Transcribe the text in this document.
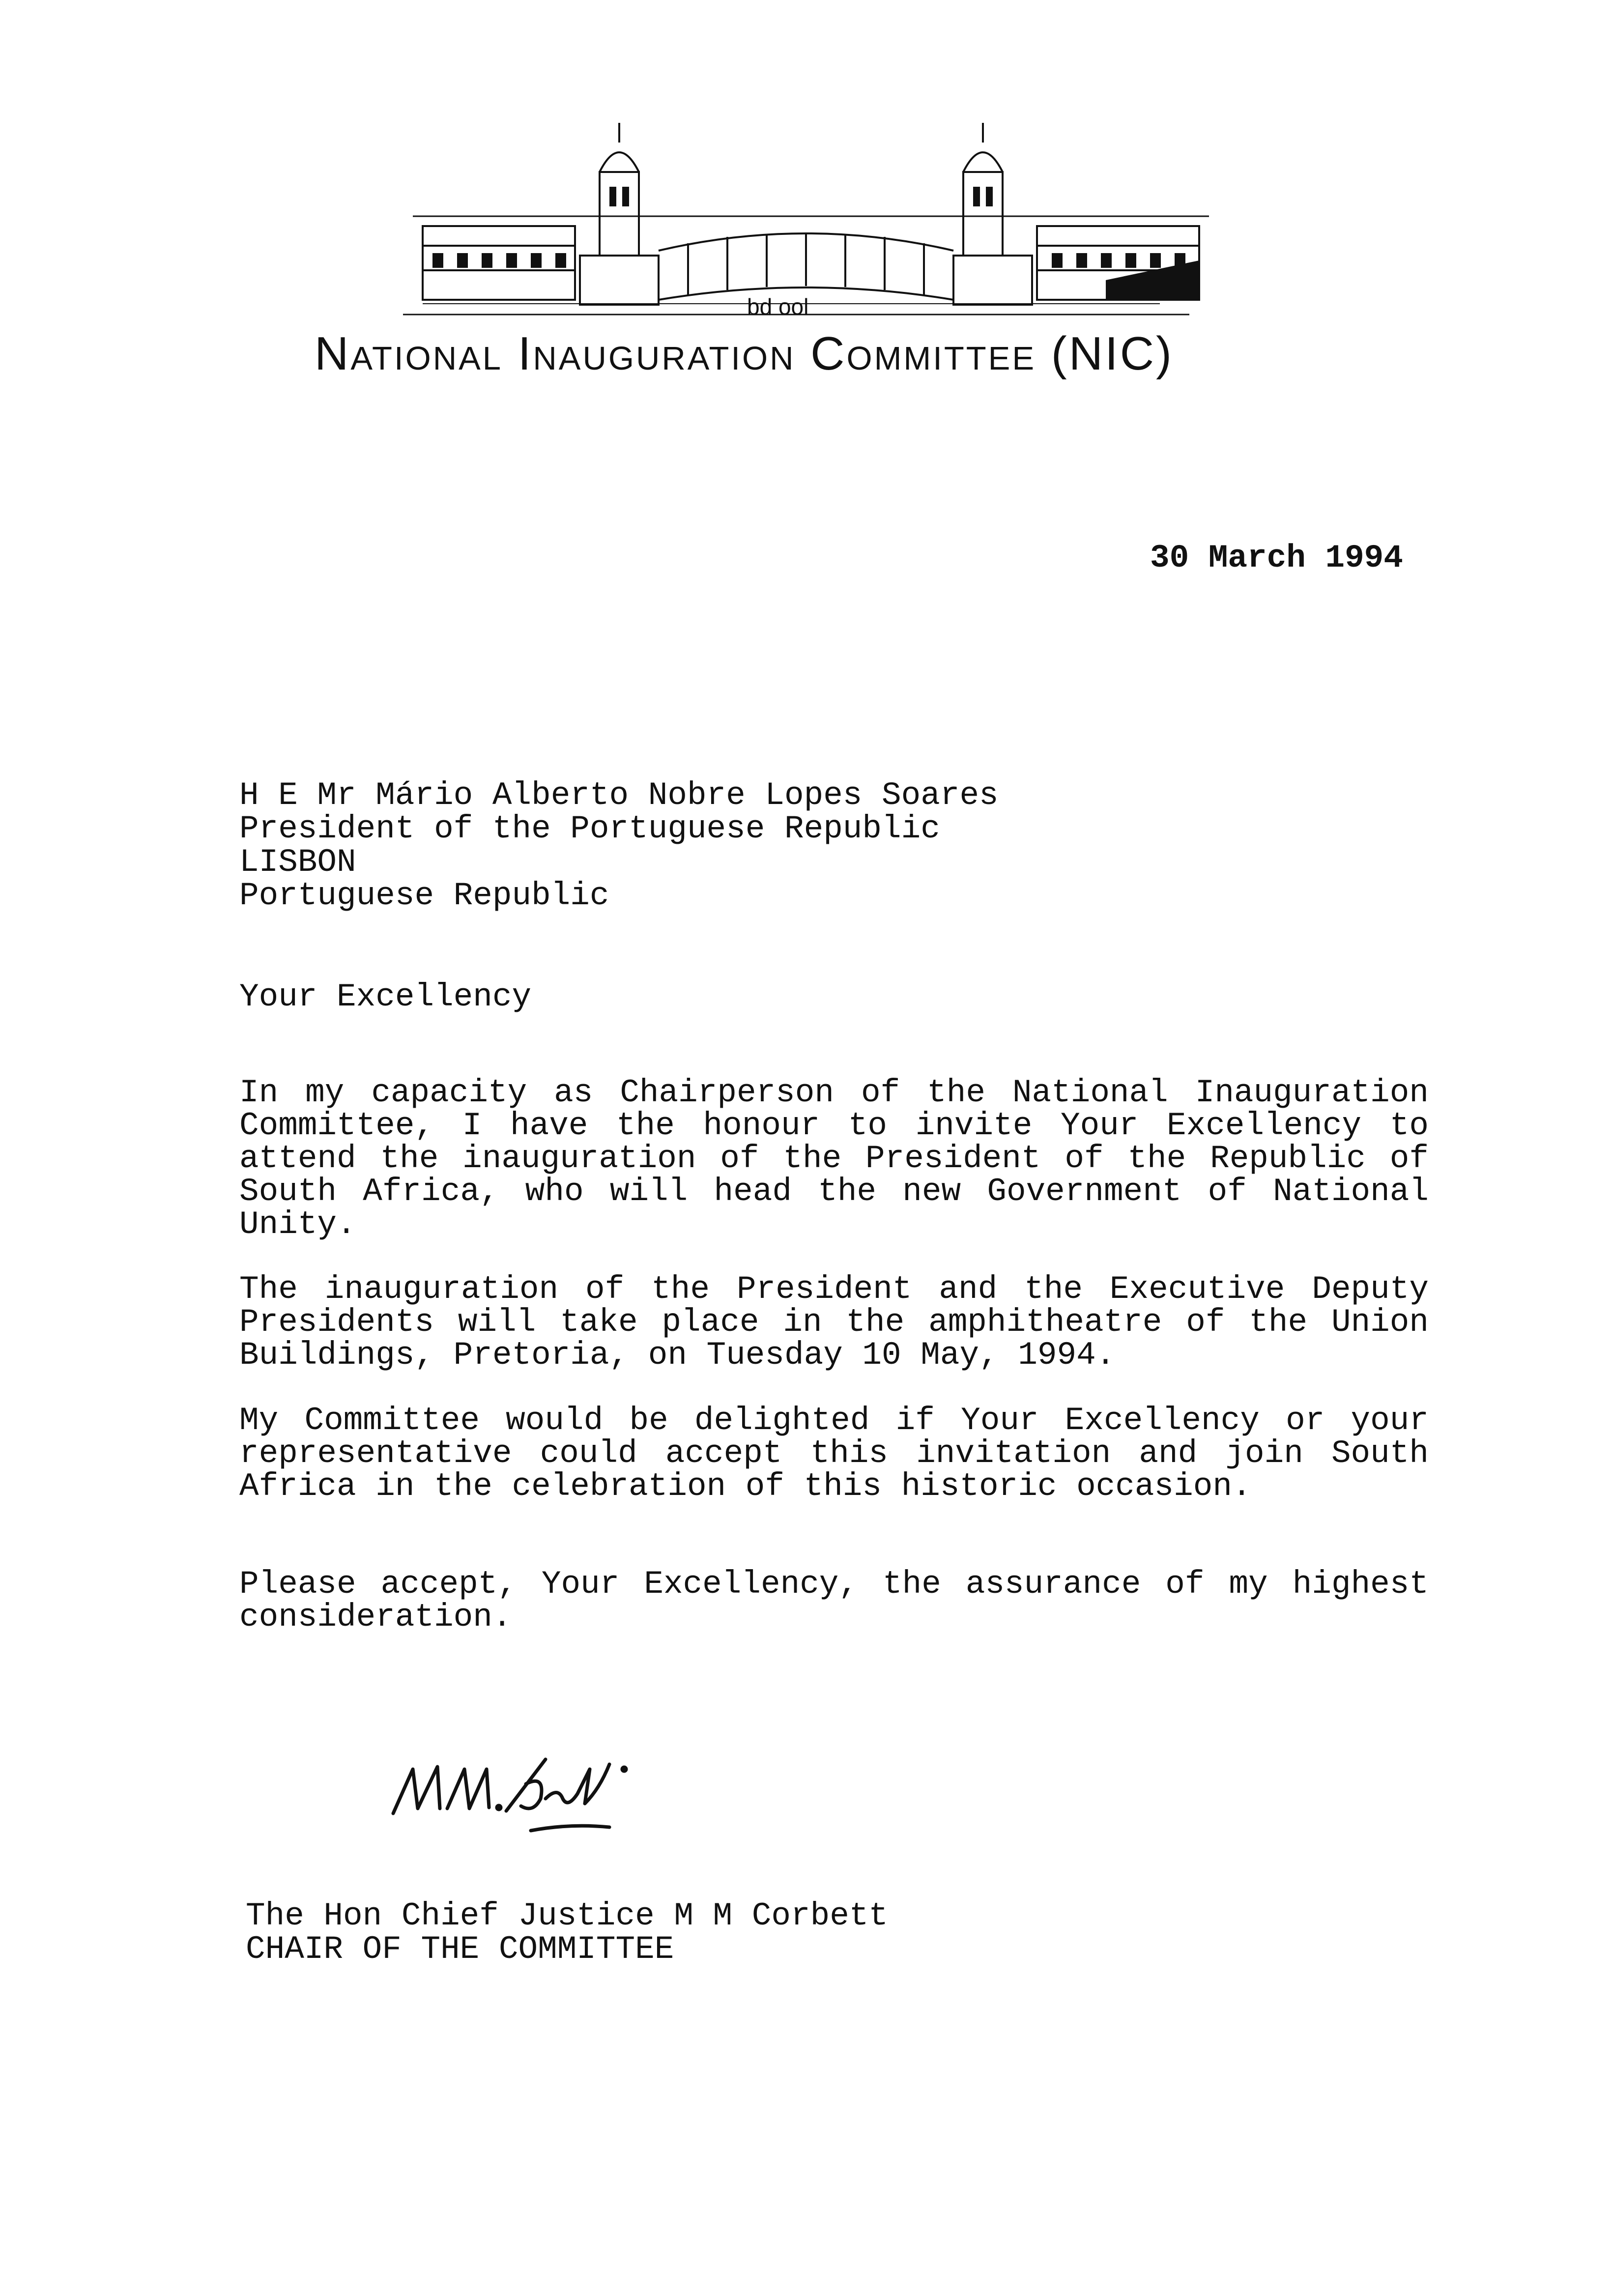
bd ool
National Inauguration Committee (NIC)
30 March 1994
H E Mr Mário Alberto Nobre Lopes Soares
President of the Portuguese Republic
LISBON
Portuguese Republic
Your Excellency
In my capacity as Chairperson of the National Inauguration Committee, I have the honour to invite Your Excellency to attend the inauguration of the President of the Republic of South Africa, who will head the new Government of National Unity.
The inauguration of the President and the Executive Deputy Presidents will take place in the amphitheatre of the Union Buildings, Pretoria, on Tuesday 10 May, 1994.
My Committee would be delighted if Your Excellency or your representative could accept this invitation and join South Africa in the celebration of this historic occasion.
Please accept, Your Excellency, the assurance of my highest consideration.
The Hon Chief Justice M M Corbett
CHAIR OF THE COMMITTEE
